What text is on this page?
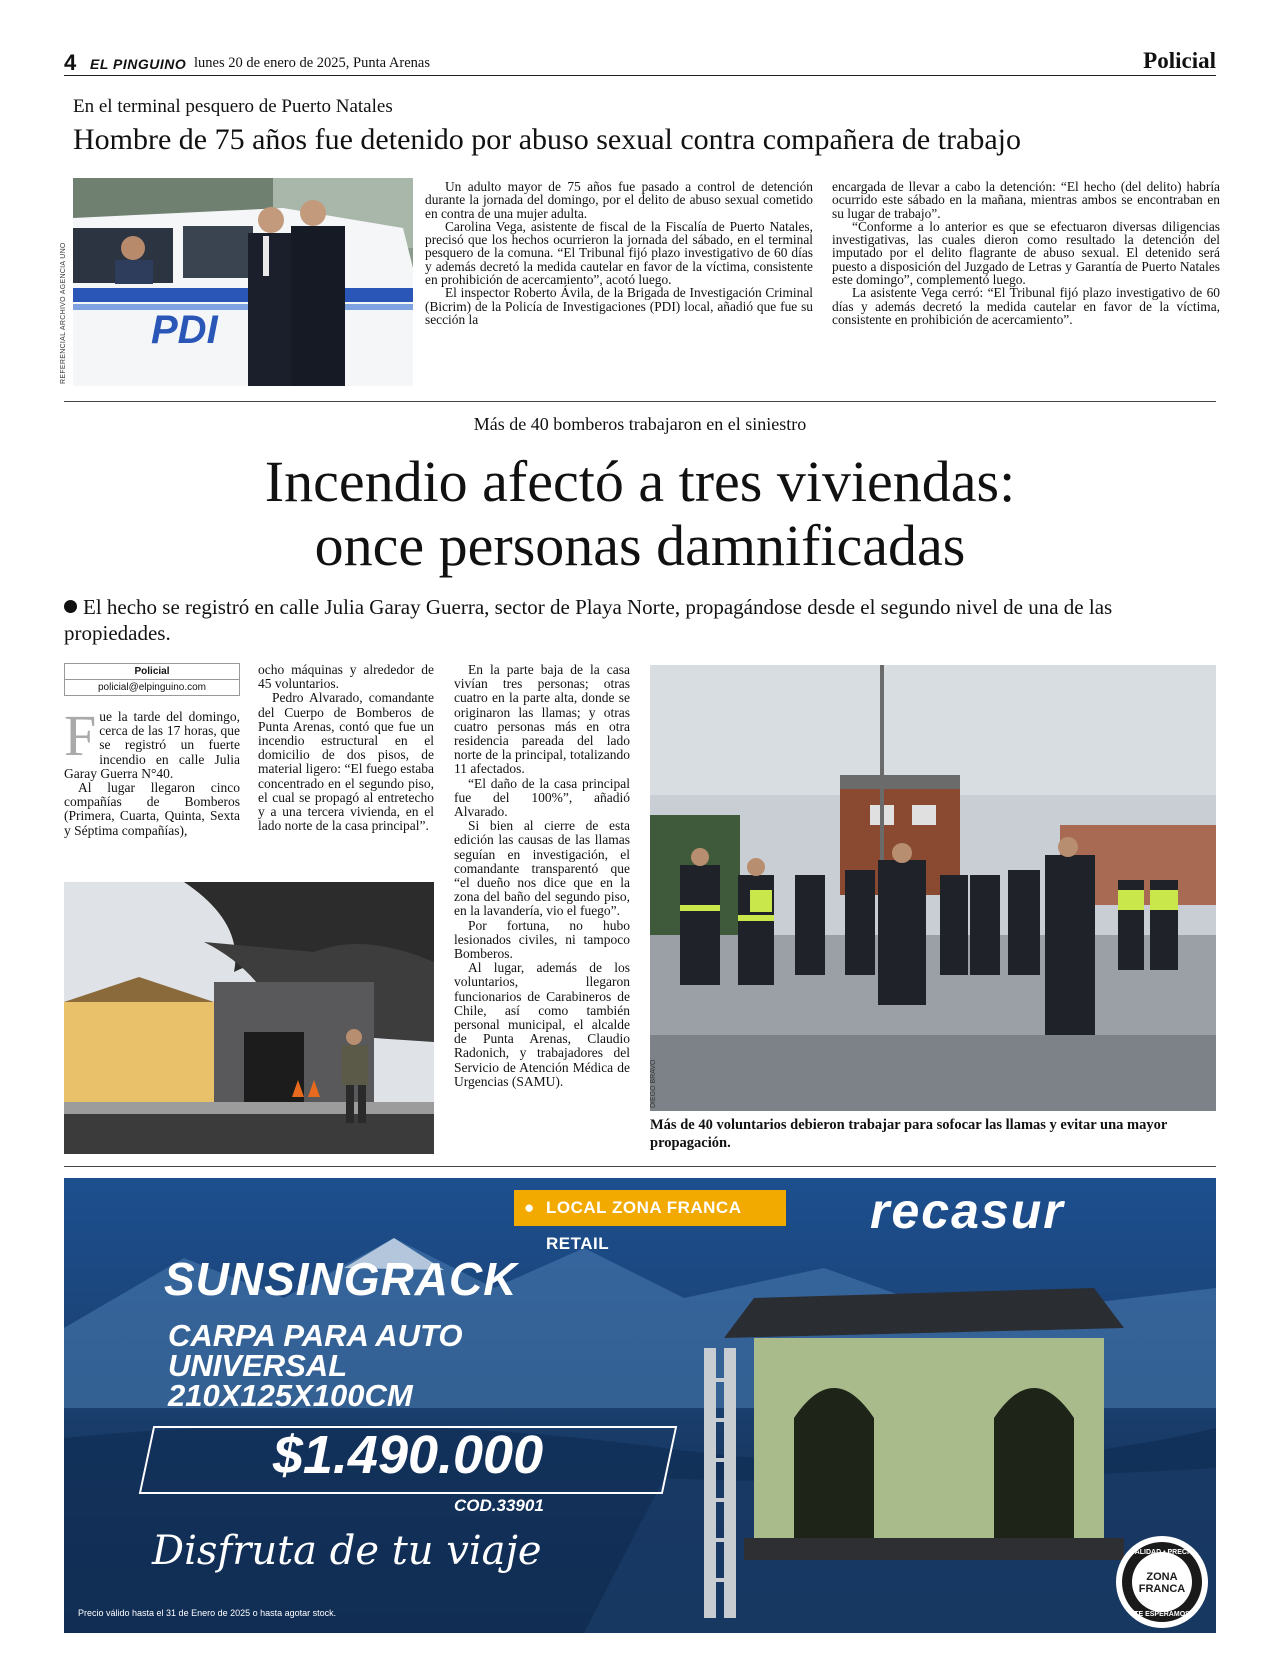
4 EL PINGUINO lunes 20 de enero de 2025, Punta Arenas	Policial
En el terminal pesquero de Puerto Natales
Hombre de 75 años fue detenido por abuso sexual contra compañera de trabajo
PDI
REFERENCIAL ARCHIVO AGENCIA UNO

Un adulto mayor de 75 años fue pasado a control de detención durante la jornada del domingo, por el delito de abuso sexual cometido en contra de una mujer adulta.

Carolina Vega, asistente de fiscal de la Fiscalía de Puerto Natales, precisó que los hechos ocurrieron la jornada del sábado, en el terminal pesquero de la comuna. “El Tribunal fijó plazo investigativo de 60 días y además decretó la medida cautelar en favor de la víctima, consistente en prohibición de acercamiento”, acotó luego.

El inspector Roberto Ávila, de la Brigada de Investigación Criminal (Bicrim) de la Policía de Investigaciones (PDI) local, añadió que fue su sección la

encargada de llevar a cabo la detención: “El hecho (del delito) habría ocurrido este sábado en la mañana, mientras ambos se encontraban en su lugar de trabajo”.

“Conforme a lo anterior es que se efectuaron diversas diligencias investigativas, las cuales dieron como resultado la detención del imputado por el delito flagrante de abuso sexual. El detenido será puesto a disposición del Juzgado de Letras y Garantía de Puerto Natales este domingo”, complementó luego.

La asistente Vega cerró: “El Tribunal fijó plazo investigativo de 60 días y además decretó la medida cautelar en favor de la víctima, consistente en prohibición de acercamiento”.

Más de 40 bomberos trabajaron en el siniestro
Incendio afectó a tres viviendas:
once personas damnificadas
El hecho se registró en calle Julia Garay Guerra, sector de Playa Norte, propagándose desde el segundo nivel de una de las propiedades.
Policial
policial@elpinguino.com

Fue la tarde del domingo, cerca de las 17 horas, que se registró un fuerte incendio en calle Julia Garay Guerra N°40.

Al lugar llegaron cinco compañías de Bomberos (Primera, Cuarta, Quinta, Sexta y Séptima compañías),

ocho máquinas y alrededor de 45 voluntarios.

Pedro Alvarado, comandante del Cuerpo de Bomberos de Punta Arenas, contó que fue un incendio estructural en el domicilio de dos pisos, de material ligero: “El fuego estaba concentrado en el segundo piso, el cual se propagó al entretecho y a una tercera vivienda, en el lado norte de la casa principal”.

En la parte baja de la casa vivían tres personas; otras cuatro en la parte alta, donde se originaron las llamas; y otras cuatro personas más en otra residencia pareada del lado norte de la principal, totalizando 11 afectados.

“El daño de la casa principal fue del 100%”, añadió Alvarado.

Si bien al cierre de esta edición las causas de las llamas seguían en investigación, el comandante transparentó que “el dueño nos dice que en la zona del baño del segundo piso, en la lavandería, vio el fuego”.

Por fortuna, no hubo lesionados civiles, ni tampoco Bomberos.

Al lugar, además de los voluntarios, llegaron funcionarios de Carabineros de Chile, así como también personal municipal, el alcalde de Punta Arenas, Claudio Radonich, y trabajadores del Servicio de Atención Médica de Urgencias (SAMU).	DIEGO BRAVO
Más de 40 voluntarios debieron trabajar para sofocar las llamas y evitar una mayor propagación.
● LOCAL ZONA FRANCA RETAIL
recasur
SUNSINGRACK
CARPA PARA AUTO
UNIVERSAL
210X125X100CM
$1.490.000
COD.33901
Disfruta de tu viaje
Precio válido hasta el 31 de Enero de 2025 o hasta agotar stock.
CALIDAD • PRECIO
ZONA
FRANCA
TE ESPERAMOS
